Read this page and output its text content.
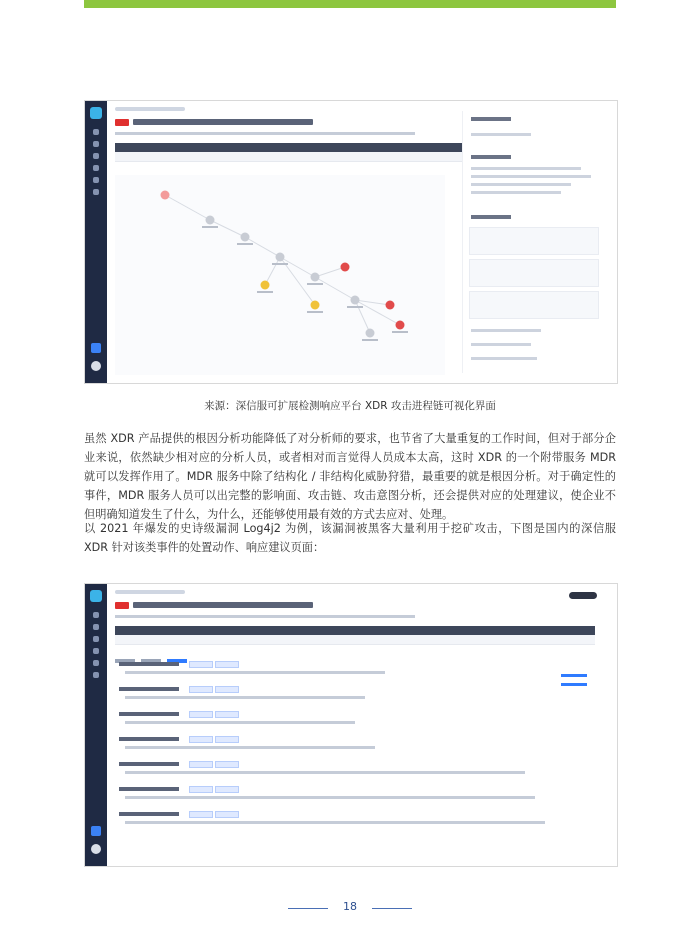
来源：深信服可扩展检测响应平台 XDR 攻击进程链可视化界面

虽然 XDR 产品提供的根因分析功能降低了对分析师的要求，也节省了大量重复的工作时间，但对于部分企业来说，依然缺少相对应的分析人员，或者相对而言觉得人员成本太高，这时 XDR 的一个附带服务 MDR 就可以发挥作用了。MDR 服务中除了结构化 / 非结构化威胁狩猎，最重要的就是根因分析。对于确定性的事件，MDR 服务人员可以出完整的影响面、攻击链、攻击意图分析，还会提供对应的处理建议，使企业不但明确知道发生了什么，为什么，还能够使用最有效的方式去应对、处理。

以 2021 年爆发的史诗级漏洞 Log4j2 为例，该漏洞被黑客大量利用于挖矿攻击，下图是国内的深信服 XDR 针对该类事件的处置动作、响应建议页面：

18
